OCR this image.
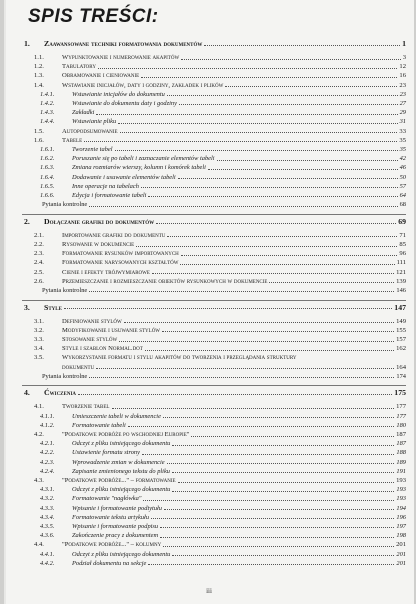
SPIS TREŚCI:
1.	Zaawansowane techniki formatowania dokumentów	1
1.1.	Wypunktowanie i numerowanie akapitów	3
1.2.	Tabulatory	12
1.3.	Obramowanie i cieniowanie	16
1.4.	Wstawianie inicjałów, daty i godziny, zakładek i plików	23
1.4.1.	Wstawianie inicjałów do dokumentu	23
1.4.2.	Wstawianie do dokumentu daty i godziny	27
1.4.3.	Zakładki	29
1.4.4.	Wstawianie pliku	31
1.5.	Autopodsumowanie	33
1.6.	Tabele	35
1.6.1.	Tworzenie tabel	35
1.6.2.	Poruszanie się po tabeli i zaznaczanie elementów tabeli	42
1.6.3.	Zmiana rozmiarów wierszy, kolumn i komórek tabeli	46
1.6.4.	Dodawanie i usuwanie elementów tabeli	50
1.6.5.	Inne operacje na tabelach	57
1.6.6.	Edycja i formatowanie tabeli	64
Pytania kontrolne	68
2.	Dołączanie grafiki do dokumentów	69
2.1.	Importowanie grafiki do dokumentu	71
2.2.	Rysowanie w dokumencie	85
2.3.	Formatowanie rysunków importowanych	96
2.4.	Formatowanie narysowanych kształtów	111
2.5.	Cienie i efekty trójwymiarowe	121
2.6.	Przemieszczanie i rozmieszczanie obiektów rysunkowych w dokumencie	139
Pytania kontrolne	146
3.	Style	147
3.1.	Definiowanie stylów	149
3.2.	Modyfikowanie i usuwanie stylów	155
3.3.	Stosowanie stylów	157
3.4.	Style i szablon Normal.dot	162
3.5.	Wykorzystanie formatu i stylu akapitów do tworzenia i przeglądania struktury
dokumentu	164
Pytania kontrolne	174
4.	Ćwiczenia	175
4.1.	Tworzenie tabel	177
4.1.1.	Umieszczenie tabeli w dokumencie	177
4.1.2.	Formatowanie tabeli	180
4.2.	"Podatkowe podróże po wschodniej Europie"	187
4.2.1.	Odczyt z pliku istniejącego dokumentu	187
4.2.2.	Ustawienie formatu strony	188
4.2.3.	Wprowadzenie zmian w dokumencie	189
4.2.4.	Zapisanie zmienionego tekstu do pliku	191
4.3.	"Podatkowe podróże..." – formatowanie	193
4.3.1.	Odczyt z pliku istniejącego dokumentu	193
4.3.2.	Formatowanie "nagłówka"	193
4.3.3.	Wpisanie i formatowanie podtytułu	194
4.3.4.	Formatowanie tekstu artykułu	196
4.3.5.	Wpisanie i formatowanie podpisu	197
4.3.6.	Zakończenie pracy z dokumentem	198
4.4.	"Podatkowe podróże..." – kolumny	201
4.4.1.	Odczyt z pliku istniejącego dokumentu	201
4.4.2.	Podział dokumentu na sekcje	201
iii
